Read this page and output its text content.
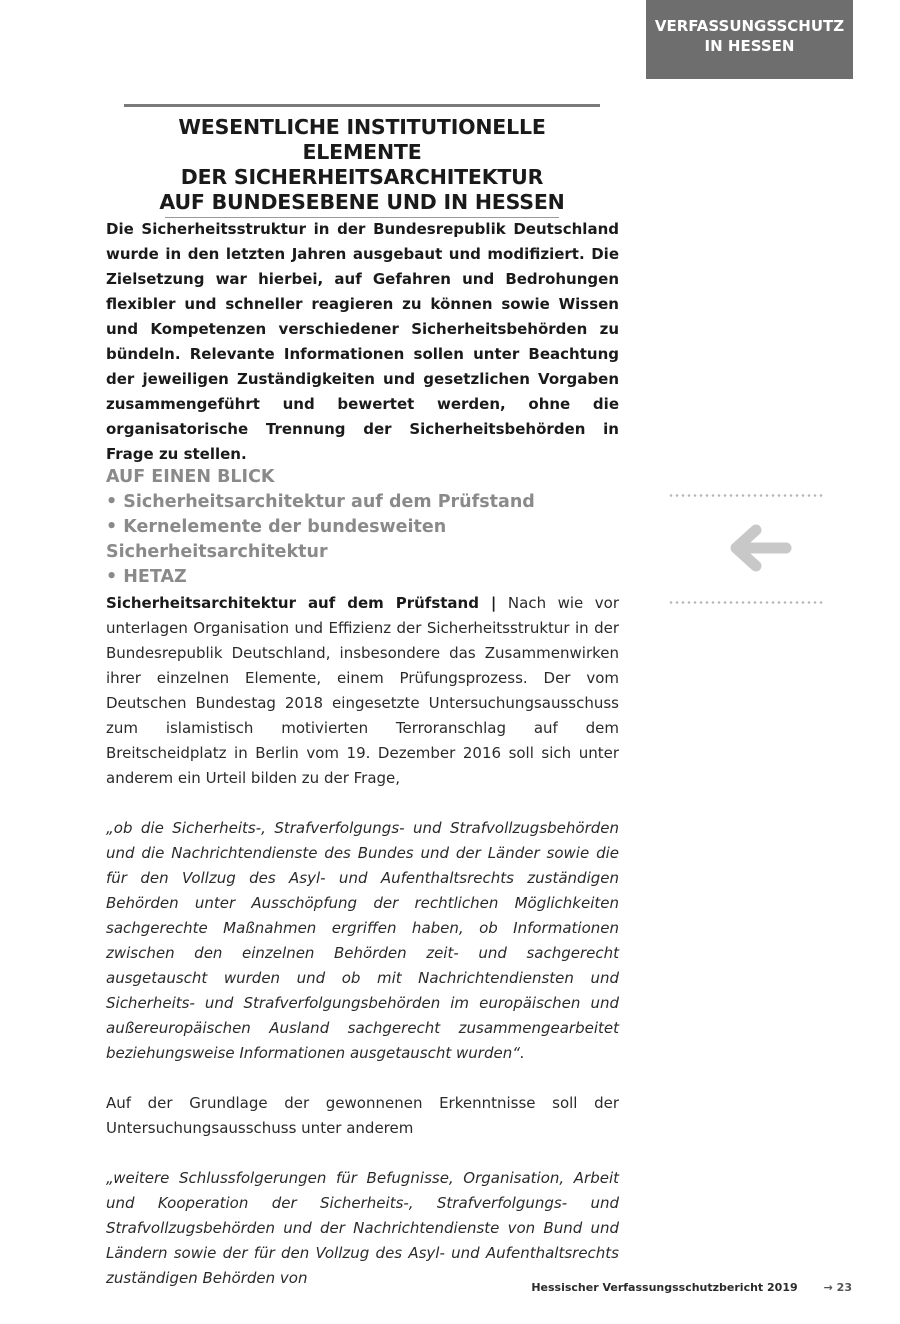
VERFASSUNGSSCHUTZ
IN HESSEN
WESENTLICHE INSTITUTIONELLE ELEMENTE
DER SICHERHEITSARCHITEKTUR
AUF BUNDESEBENE UND IN HESSEN
Die Sicherheitsstruktur in der Bundesrepublik Deutschland wurde in den letzten Jahren ausgebaut und modifiziert. Die Zielsetzung war hierbei, auf Gefahren und Bedrohungen flexibler und schneller reagieren zu können sowie Wissen und Kompetenzen verschiedener Sicherheitsbehörden zu bündeln. Relevante Informationen sollen unter Beachtung der jeweiligen Zuständigkeiten und gesetzlichen Vorgaben zusammengeführt und bewertet werden, ohne die organisatorische Trennung der Sicherheitsbehörden in Frage zu stellen.
AUF EINEN BLICK
• Sicherheitsarchitektur auf dem Prüfstand
• Kernelemente der bundesweiten Sicherheitsarchitektur
• HETAZ

Sicherheitsarchitektur auf dem Prüfstand | Nach wie vor unterlagen Organisation und Effizienz der Sicherheitsstruktur in der Bundesrepublik Deutschland, insbesondere das Zusammenwirken ihrer einzelnen Elemente, einem Prüfungsprozess. Der vom Deutschen Bundestag 2018 eingesetzte Untersuchungsausschuss zum islamistisch motivierten Terroranschlag auf dem Breitscheidplatz in Berlin vom 19. Dezember 2016 soll sich unter anderem ein Urteil bilden zu der Frage,

„ob die Sicherheits-, Strafverfolgungs- und Strafvollzugsbehörden und die Nachrichtendienste des Bundes und der Länder sowie die für den Vollzug des Asyl- und Aufenthaltsrechts zuständigen Behörden unter Ausschöpfung der rechtlichen Möglichkeiten sachgerechte Maßnahmen ergriffen haben, ob Informationen zwischen den einzelnen Behörden zeit- und sachgerecht ausgetauscht wurden und ob mit Nachrichtendiensten und Sicherheits- und Strafverfolgungsbehörden im europäischen und außereuropäischen Ausland sachgerecht zusammengearbeitet beziehungsweise Informationen ausgetauscht wurden“.

Auf der Grundlage der gewonnenen Erkenntnisse soll der Untersuchungsausschuss unter anderem

„weitere Schlussfolgerungen für Befugnisse, Organisation, Arbeit und Kooperation der Sicherheits-, Strafverfolgungs- und Strafvollzugsbehörden und der Nachrichtendienste von Bund und Ländern sowie der für den Vollzug des Asyl- und Aufenthaltsrechts zuständigen Behörden von

Hessischer Verfassungsschutzbericht 2019 → 23
